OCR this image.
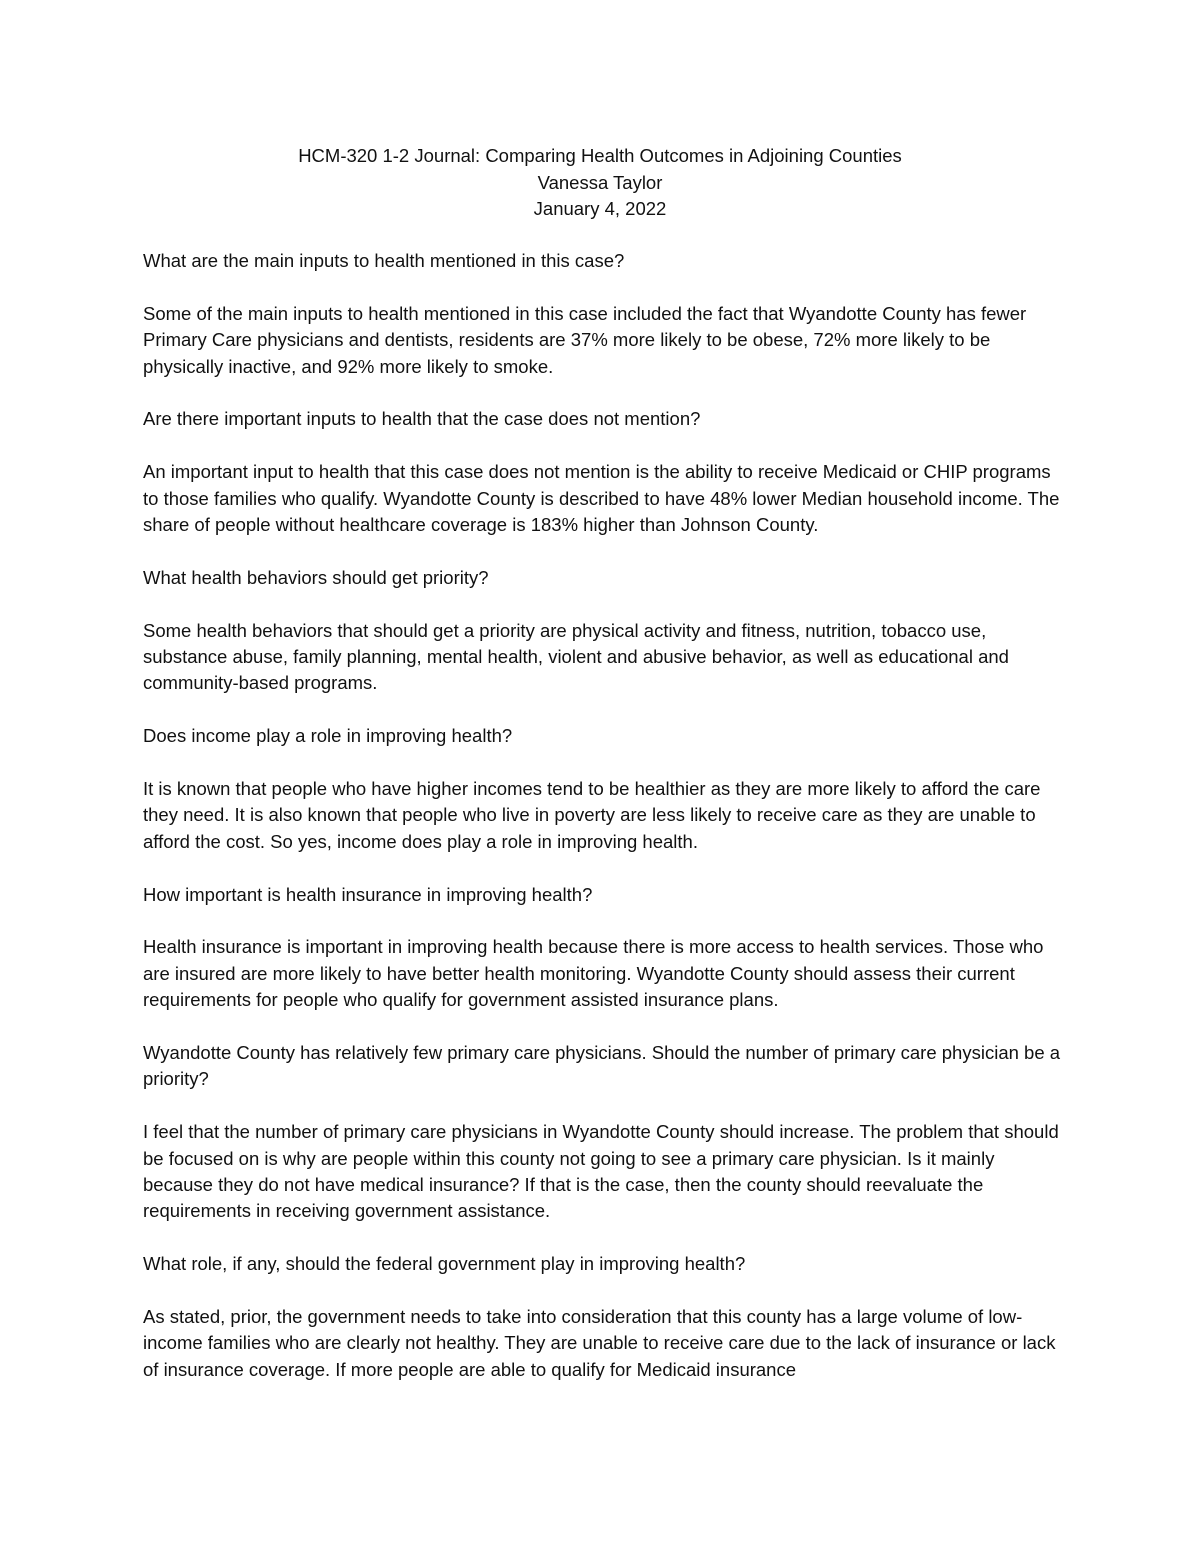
HCM-320 1-2 Journal: Comparing Health Outcomes in Adjoining Counties
Vanessa Taylor
January 4, 2022

What are the main inputs to health mentioned in this case?

Some of the main inputs to health mentioned in this case included the fact that Wyandotte County has fewer Primary Care physicians and dentists, residents are 37% more likely to be obese, 72% more likely to be physically inactive, and 92% more likely to smoke.

Are there important inputs to health that the case does not mention?

An important input to health that this case does not mention is the ability to receive Medicaid or CHIP programs to those families who qualify. Wyandotte County is described to have 48% lower Median household income. The share of people without healthcare coverage is 183% higher than Johnson County.

What health behaviors should get priority?

Some health behaviors that should get a priority are physical activity and fitness, nutrition, tobacco use, substance abuse, family planning, mental health, violent and abusive behavior, as well as educational and community-based programs.

Does income play a role in improving health?

It is known that people who have higher incomes tend to be healthier as they are more likely to afford the care they need. It is also known that people who live in poverty are less likely to receive care as they are unable to afford the cost. So yes, income does play a role in improving health.

How important is health insurance in improving health?

Health insurance is important in improving health because there is more access to health services. Those who are insured are more likely to have better health monitoring. Wyandotte County should assess their current requirements for people who qualify for government assisted insurance plans.

Wyandotte County has relatively few primary care physicians. Should the number of primary care physician be a priority?

I feel that the number of primary care physicians in Wyandotte County should increase. The problem that should be focused on is why are people within this county not going to see a primary care physician. Is it mainly because they do not have medical insurance? If that is the case, then the county should reevaluate the requirements in receiving government assistance.

What role, if any, should the federal government play in improving health?

As stated, prior, the government needs to take into consideration that this county has a large volume of low-income families who are clearly not healthy. They are unable to receive care due to the lack of insurance or lack of insurance coverage. If more people are able to qualify for Medicaid insurance
